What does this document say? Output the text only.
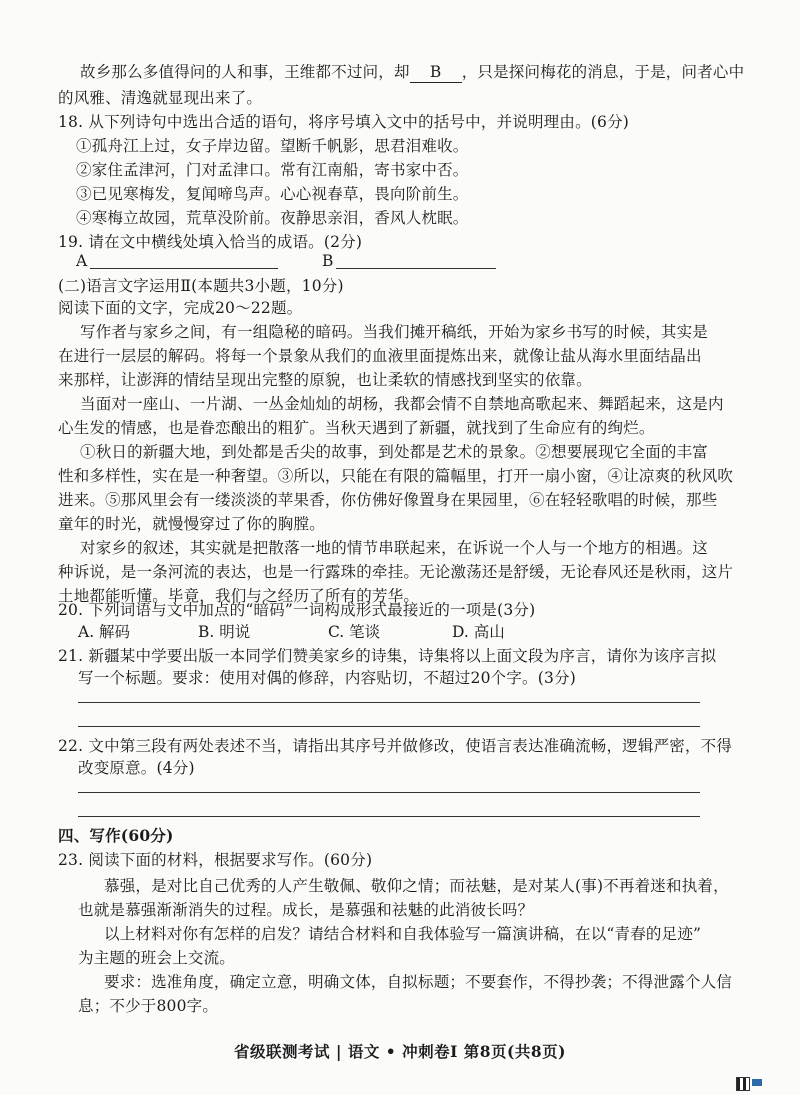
故乡那么多值得问的人和事，王维都不过问，却 B ，只是探问梅花的消息，于是，问者心中
的风雅、清逸就显现出来了。
18. 从下列诗句中选出合适的语句，将序号填入文中的括号中，并说明理由。(6分)
①孤舟江上过，女子岸边留。望断千帆影，思君泪难收。
②家住孟津河，门对孟津口。常有江南船，寄书家中否。
③已见寒梅发，复闻啼鸟声。心心视春草，畏向阶前生。
④寒梅立故园，荒草没阶前。夜静思亲泪，香风人枕眠。
19. 请在文中横线处填入恰当的成语。(2分)
A	B
(二)语言文字运用Ⅱ(本题共3小题，10分)
阅读下面的文字，完成20～22题。
写作者与家乡之间，有一组隐秘的暗码。当我们摊开稿纸，开始为家乡书写的时候，其实是
在进行一层层的解码。将每一个景象从我们的血液里面提炼出来，就像让盐从海水里面结晶出
来那样，让澎湃的情结呈现出完整的原貌，也让柔软的情感找到坚实的依靠。
当面对一座山、一片湖、一丛金灿灿的胡杨，我都会情不自禁地高歌起来、舞蹈起来，这是内
心生发的情感，也是眷恋酿出的粗犷。当秋天遇到了新疆，就找到了生命应有的绚烂。
①秋日的新疆大地，到处都是舌尖的故事，到处都是艺术的景象。②想要展现它全面的丰富
性和多样性，实在是一种奢望。③所以，只能在有限的篇幅里，打开一扇小窗，④让凉爽的秋风吹
进来。⑤那风里会有一缕淡淡的苹果香，你仿佛好像置身在果园里，⑥在轻轻歌唱的时候，那些
童年的时光，就慢慢穿过了你的胸膛。
对家乡的叙述，其实就是把散落一地的情节串联起来，在诉说一个人与一个地方的相遇。这
种诉说，是一条河流的表达，也是一行露珠的牵挂。无论激荡还是舒缓，无论春风还是秋雨，这片
土地都能听懂。毕竟，我们与之经历了所有的芳华。
20. 下列词语与文中加点的“暗码”一词构成形式最接近的一项是(3分)
A. 解码	B. 明说	C. 笔谈	D. 高山
21. 新疆某中学要出版一本同学们赞美家乡的诗集，诗集将以上面文段为序言，请你为该序言拟
写一个标题。要求：使用对偶的修辞，内容贴切，不超过20个字。(3分)
22. 文中第三段有两处表述不当，请指出其序号并做修改，使语言表达准确流畅，逻辑严密，不得
改变原意。(4分)
四、写作(60分)
23. 阅读下面的材料，根据要求写作。(60分)
慕强，是对比自己优秀的人产生敬佩、敬仰之情；而祛魅，是对某人(事)不再着迷和执着，
也就是慕强渐渐消失的过程。成长，是慕强和祛魅的此消彼长吗？
以上材料对你有怎样的启发？请结合材料和自我体验写一篇演讲稿，在以“青春的足迹”
为主题的班会上交流。
要求：选准角度，确定立意，明确文体，自拟标题；不要套作，不得抄袭；不得泄露个人信
息；不少于800字。
省级联测考试 | 语文 • 冲刺卷Ⅰ 第8页(共8页)
